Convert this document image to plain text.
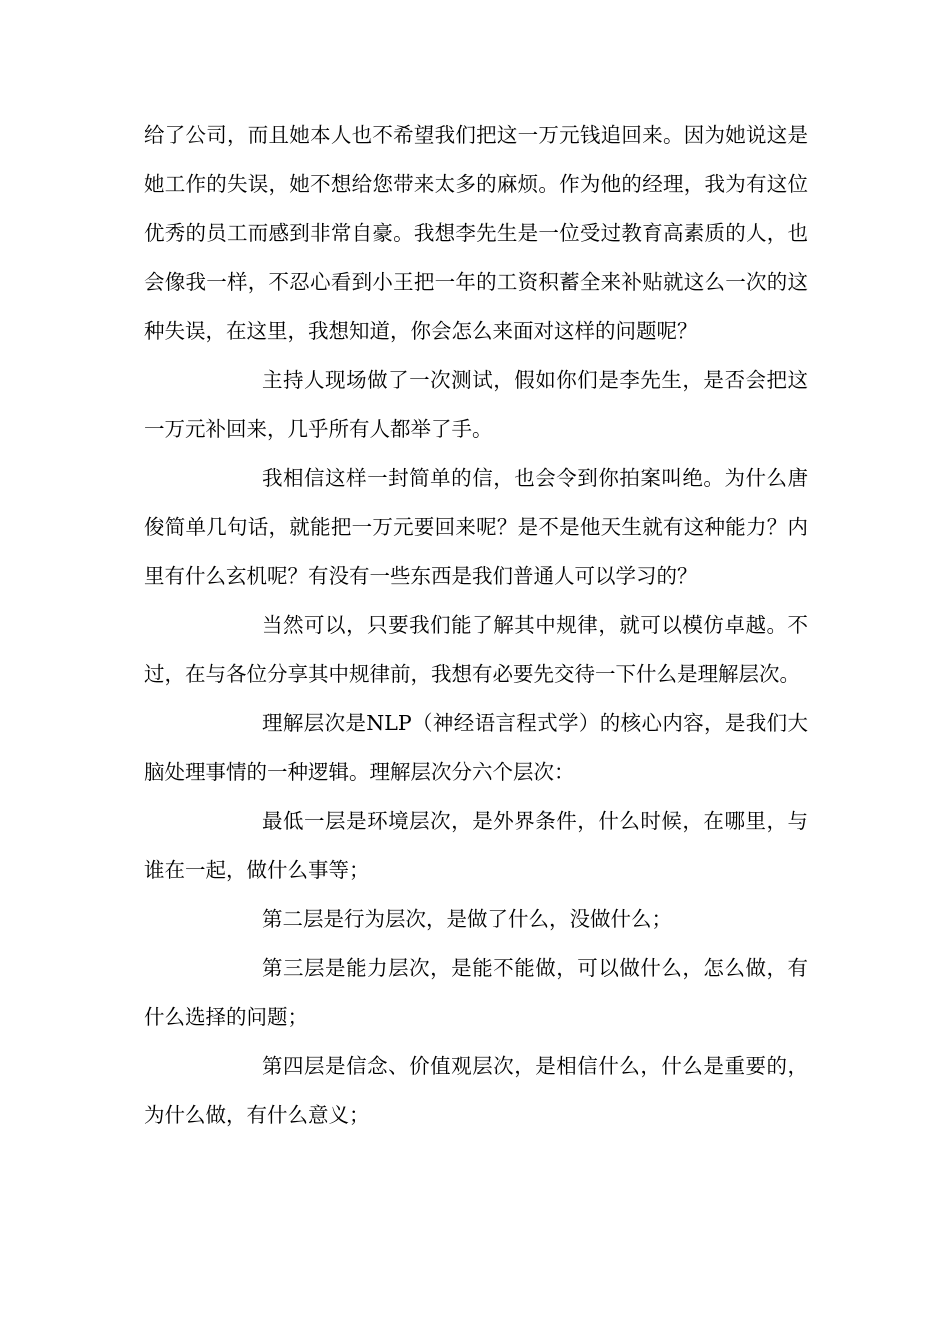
给了公司，而且她本人也不希望我们把这一万元钱追回来。因为她说这是她工作的失误，她不想给您带来太多的麻烦。作为他的经理，我为有这位优秀的员工而感到非常自豪。我想李先生是一位受过教育高素质的人，也会像我一样，不忍心看到小王把一年的工资积蓄全来补贴就这么一次的这种失误，在这里，我想知道，你会怎么来面对这样的问题呢？

主持人现场做了一次测试，假如你们是李先生，是否会把这一万元补回来，几乎所有人都举了手。

我相信这样一封简单的信，也会令到你拍案叫绝。为什么唐俊简单几句话，就能把一万元要回来呢？是不是他天生就有这种能力？内里有什么玄机呢？有没有一些东西是我们普通人可以学习的？

当然可以，只要我们能了解其中规律，就可以模仿卓越。不过，在与各位分享其中规律前，我想有必要先交待一下什么是理解层次。

理解层次是NLP（神经语言程式学）的核心内容，是我们大脑处理事情的一种逻辑。理解层次分六个层次：

最低一层是环境层次，是外界条件，什么时候，在哪里，与谁在一起，做什么事等；

第二层是行为层次，是做了什么，没做什么；

第三层是能力层次，是能不能做，可以做什么，怎么做，有什么选择的问题；

第四层是信念、价值观层次，是相信什么，什么是重要的，为什么做，有什么意义；
